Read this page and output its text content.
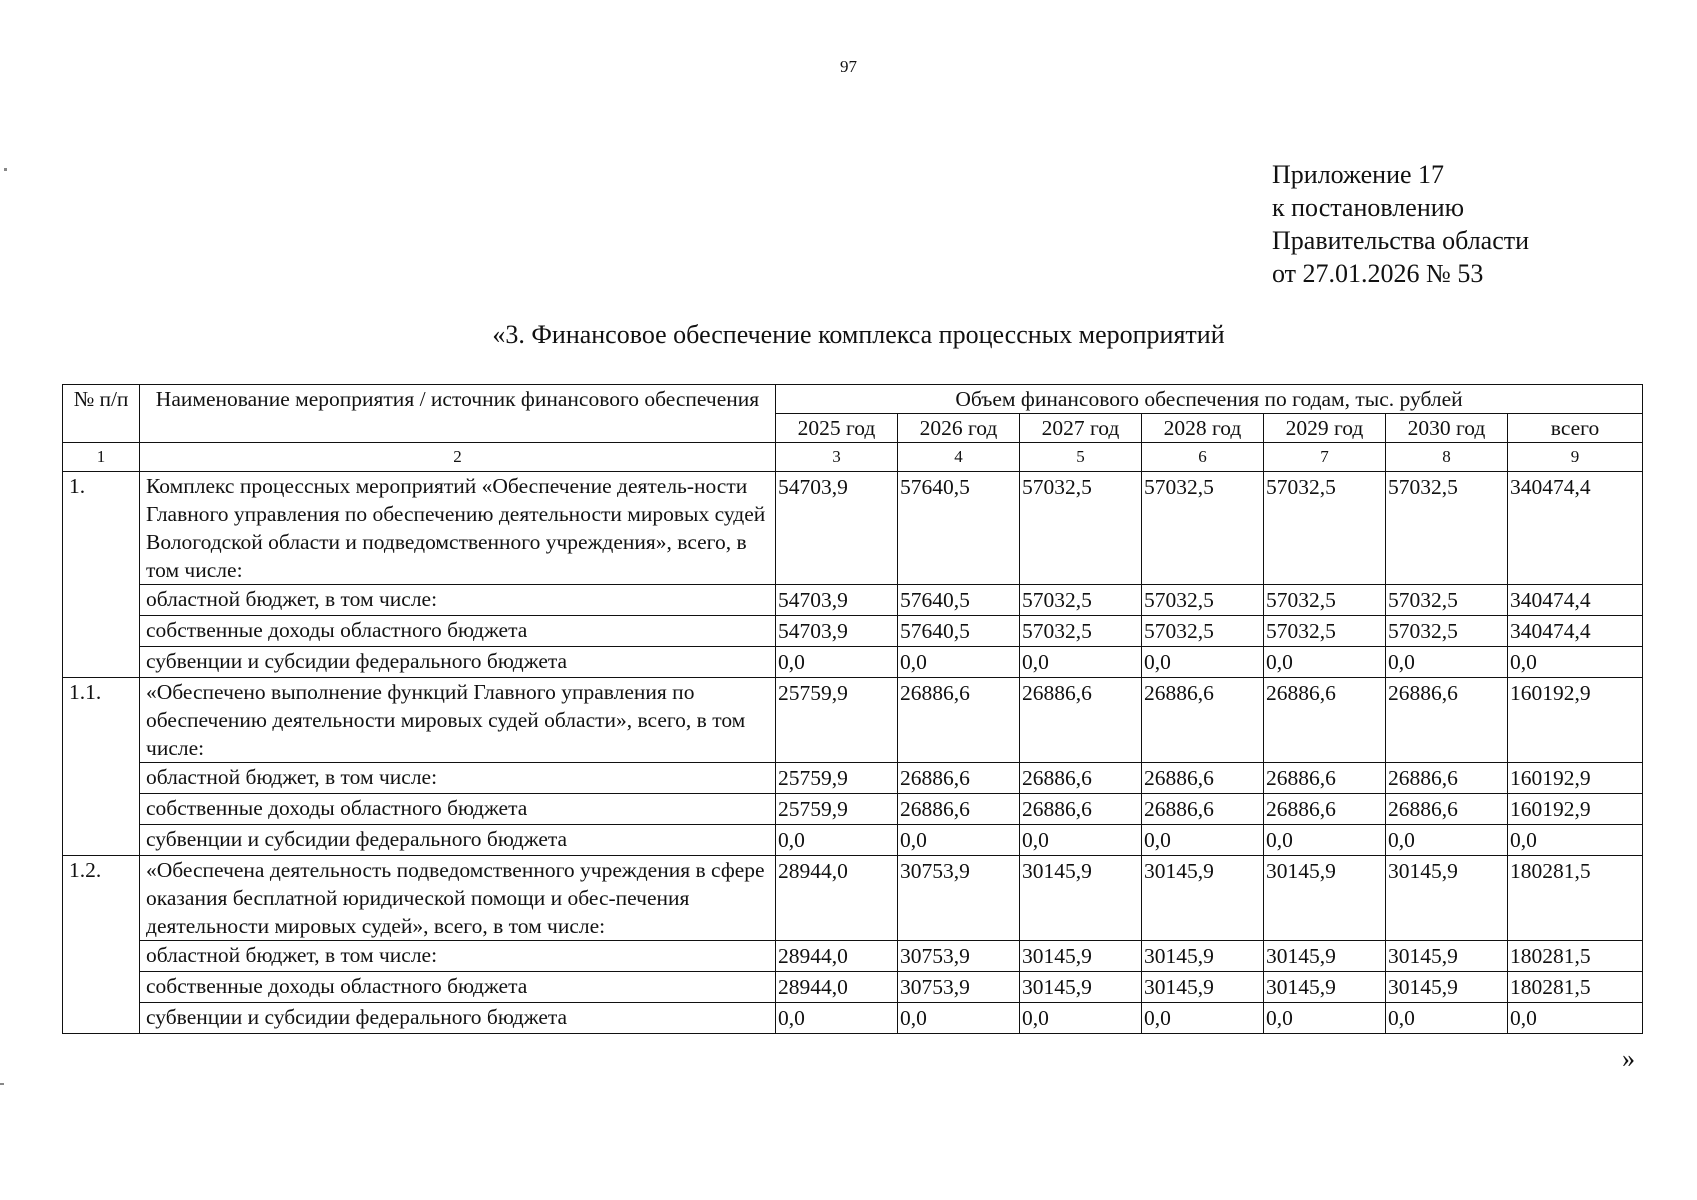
97
Приложение 17
к постановлению
Правительства области
от 27.01.2026 № 53
«3. Финансовое обеспечение комплекса процессных мероприятий
№ п/п	Наименование мероприятия / источник финансового обеспечения	Объем финансового обеспечения по годам, тыс. рублей						
		2025 год	2026 год	2027 год	2028 год	2029 год	2030 год	всего
1	2	3	4	5	6	7	8	9
1.	Комплекс процессных мероприятий «Обеспечение деятель-ности Главного управления по обеспечению деятельности мировых судей Вологодской области и подведомственного учреждения», всего, в том числе:	54703,9	57640,5	57032,5	57032,5	57032,5	57032,5	340474,4
	областной бюджет, в том числе:	54703,9	57640,5	57032,5	57032,5	57032,5	57032,5	340474,4
	собственные доходы областного бюджета	54703,9	57640,5	57032,5	57032,5	57032,5	57032,5	340474,4
	субвенции и субсидии федерального бюджета	0,0	0,0	0,0	0,0	0,0	0,0	0,0
1.1.	«Обеспечено выполнение функций Главного управления по обеспечению деятельности мировых судей области», всего, в том числе:	25759,9	26886,6	26886,6	26886,6	26886,6	26886,6	160192,9
	областной бюджет, в том числе:	25759,9	26886,6	26886,6	26886,6	26886,6	26886,6	160192,9
	собственные доходы областного бюджета	25759,9	26886,6	26886,6	26886,6	26886,6	26886,6	160192,9
	субвенции и субсидии федерального бюджета	0,0	0,0	0,0	0,0	0,0	0,0	0,0
1.2.	«Обеспечена деятельность подведомственного учреждения в сфере оказания бесплатной юридической помощи и обес-печения деятельности мировых судей», всего, в том числе:	28944,0	30753,9	30145,9	30145,9	30145,9	30145,9	180281,5
	областной бюджет, в том числе:	28944,0	30753,9	30145,9	30145,9	30145,9	30145,9	180281,5
	собственные доходы областного бюджета	28944,0	30753,9	30145,9	30145,9	30145,9	30145,9	180281,5
	субвенции и субсидии федерального бюджета	0,0	0,0	0,0	0,0	0,0	0,0	0,0
»
